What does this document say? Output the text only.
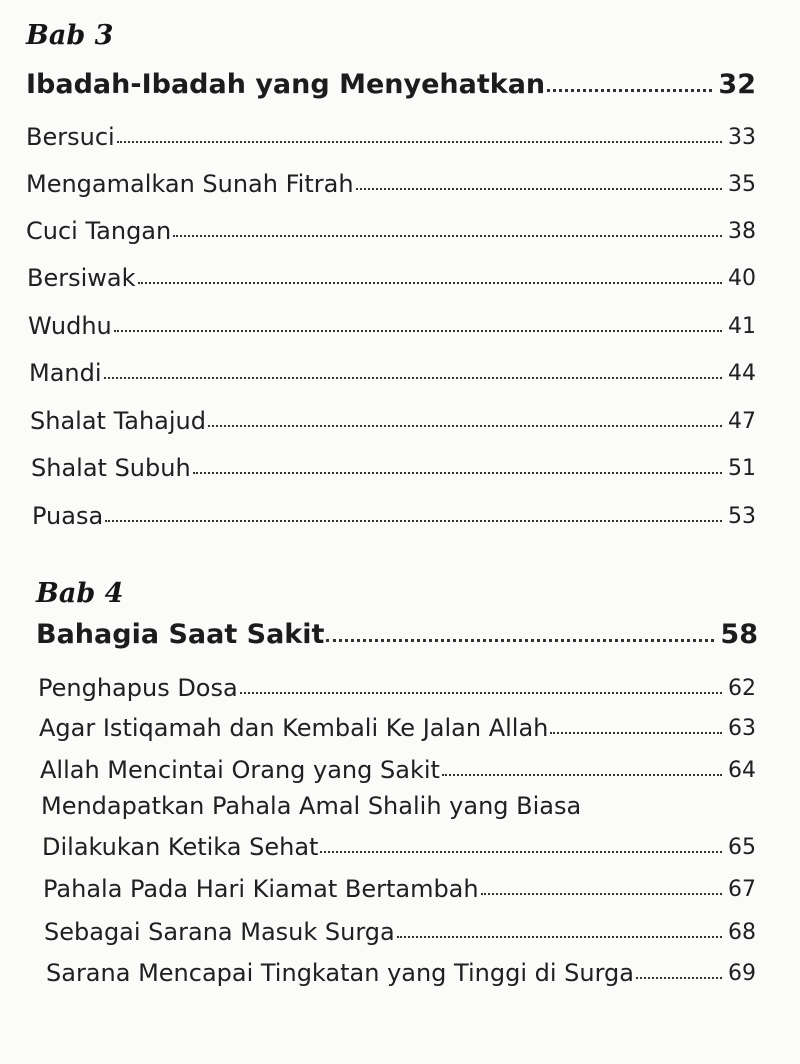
Bab 3
Ibadah-Ibadah yang Menyehatkan	32
Bersuci	33
Mengamalkan Sunah Fitrah	35
Cuci Tangan	38
Bersiwak	40
Wudhu	41
Mandi	44
Shalat Tahajud	47
Shalat Subuh	51
Puasa	53
Bab 4
Bahagia Saat Sakit	58
Penghapus Dosa	62
Agar Istiqamah dan Kembali Ke Jalan Allah	63
Allah Mencintai Orang yang Sakit	64
Mendapatkan Pahala Amal Shalih yang Biasa
Dilakukan Ketika Sehat	65
Pahala Pada Hari Kiamat Bertambah	67
Sebagai Sarana Masuk Surga	68
Sarana Mencapai Tingkatan yang Tinggi di Surga	69
